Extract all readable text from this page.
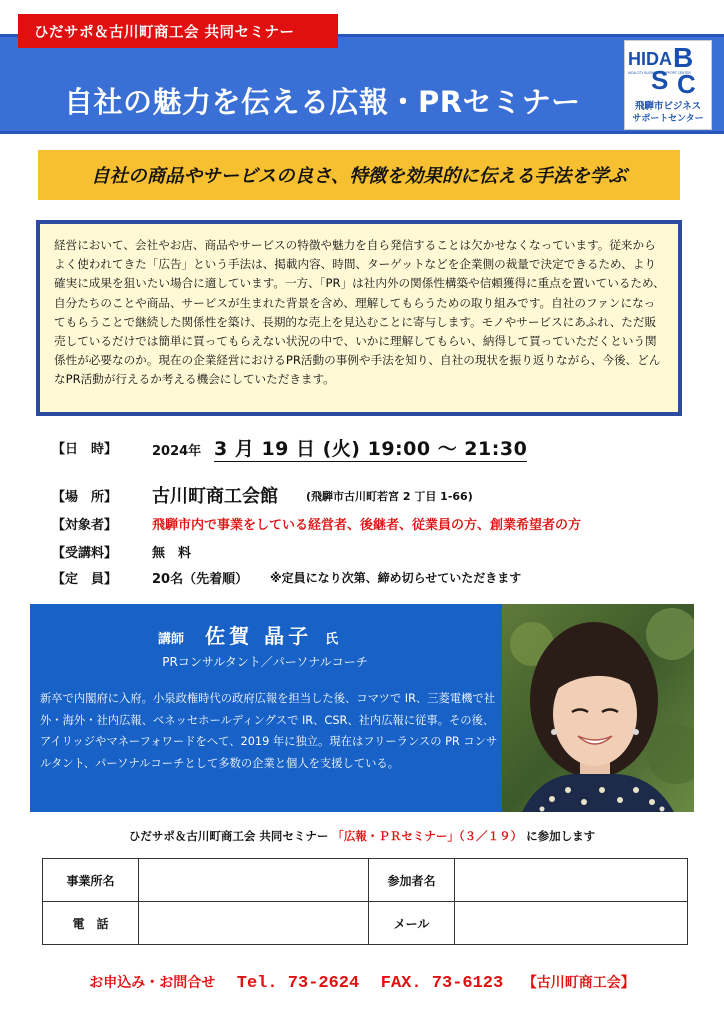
自社の魅力を伝える広報・PRセミナー
ひだサポ＆古川町商工会 共同セミナー
HIDA B
S C
HIDA CITY BUSINESS SUPPORT CENTER
飛騨市ビジネス
サポートセンター
自社の商品やサービスの良さ、特徴を効果的に伝える手法を学ぶ

経営において、会社やお店、商品やサービスの特徴や魅力を自ら発信することは欠かせなくなっています。従来からよく使われてきた「広告」という手法は、掲載内容、時間、ターゲットなどを企業側の裁量で決定できるため、より確実に成果を狙いたい場合に適しています。一方、「PR」は社内外の関係性構築や信頼獲得に重点を置いているため、自分たちのことや商品、サービスが生まれた背景を含め、理解してもらうための取り組みです。自社のファンになってもらうことで継続した関係性を築け、長期的な売上を見込むことに寄与します。モノやサービスにあふれ、ただ販売しているだけでは簡単に買ってもらえない状況の中で、いかに理解してもらい、納得して買っていただくという関係性が必要なのか。現在の企業経営におけるPR活動の事例や手法を知り、自社の現状を振り返りながら、今後、どんなPR活動が行えるか考える機会にしていただきます。

【日　時】	2024年 3 月 19 日 (火) 19:00 ～ 21:30
【場　所】 古川町商工会館	(飛騨市古川町若宮 2 丁目 1-66)
【対象者】	飛騨市内で事業をしている経営者、後継者、従業員の方、創業希望者の方
【受講料】	無　料
【定　員】	20名（先着順） ※定員になり次第、締め切らせていただきます
講師 佐賀 晶子 氏
PRコンサルタント／パーソナルコーチ
新卒で内閣府に入府。小泉政権時代の政府広報を担当した後、コマツで IR、三菱電機で社外・海外・社内広報、ベネッセホールディングスで IR、CSR、社内広報に従事。その後、アイリッジやマネーフォワードをへて、2019 年に独立。現在はフリーランスの PR コンサルタント、パーソナルコーチとして多数の企業と個人を支援している。
ひだサポ＆古川町商工会 共同セミナー 「広報・ＰＲセミナー」（３／１９） に参加します
事業所名		参加者名	
電　話		メール	
お申込み・お問合せ Tel. 73-2624 FAX. 73-6123 【古川町商工会】
